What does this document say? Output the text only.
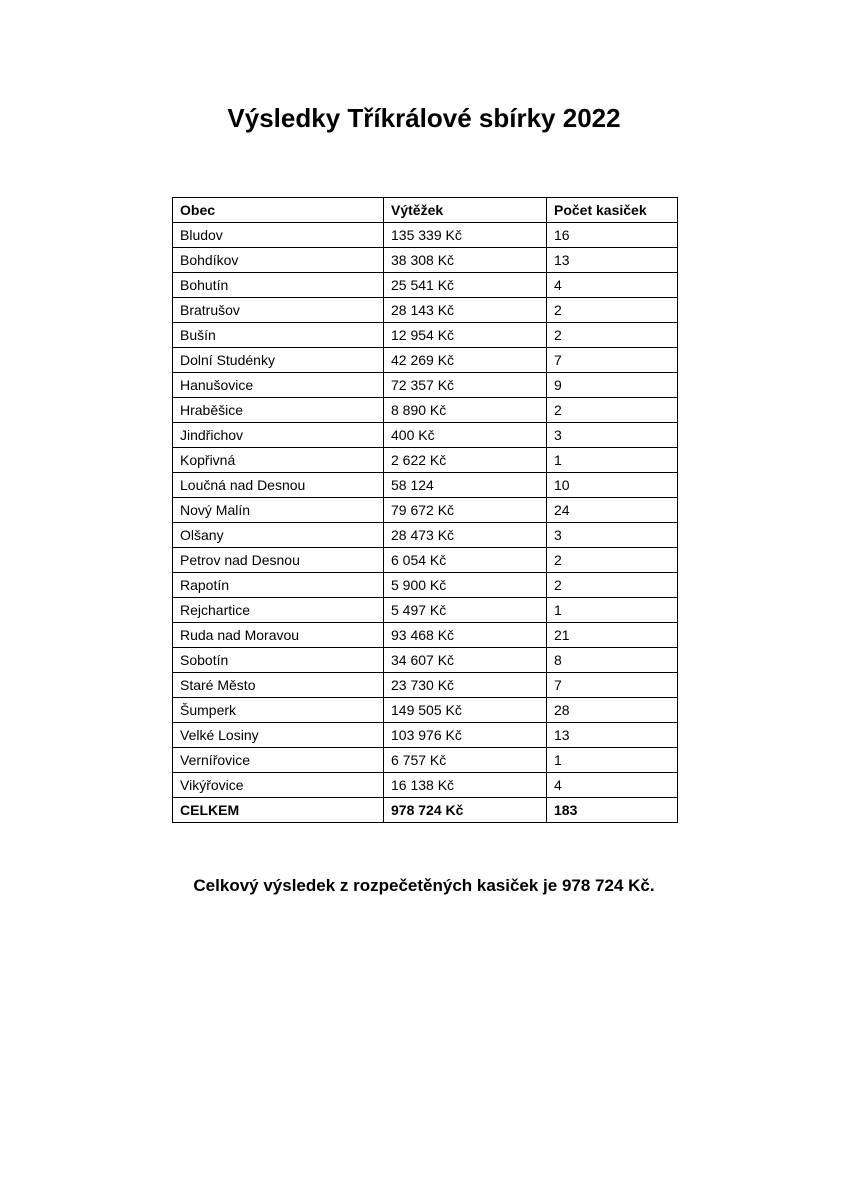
Výsledky Tříkrálové sbírky 2022
Obec	Výtěžek	Počet kasiček
Bludov	135 339 Kč	16
Bohdíkov	38 308 Kč	13
Bohutín	25 541 Kč	4
Bratrušov	28 143 Kč	2
Bušín	12 954 Kč	2
Dolní Studénky	42 269 Kč	7
Hanušovice	72 357 Kč	9
Hraběšice	8 890 Kč	2
Jindřichov	400 Kč	3
Kopřivná	2 622 Kč	1
Loučná nad Desnou	58 124	10
Nový Malín	79 672 Kč	24
Olšany	28 473 Kč	3
Petrov nad Desnou	6 054 Kč	2
Rapotín	5 900 Kč	2
Rejchartice	5 497 Kč	1
Ruda nad Moravou	93 468 Kč	21
Sobotín	34 607 Kč	8
Staré Město	23 730 Kč	7
Šumperk	149 505 Kč	28
Velké Losiny	103 976 Kč	13
Vernířovice	6 757 Kč	1
Vikýřovice	16 138 Kč	4
CELKEM	978 724 Kč	183
Celkový výsledek z rozpečetěných kasiček je 978 724 Kč.
